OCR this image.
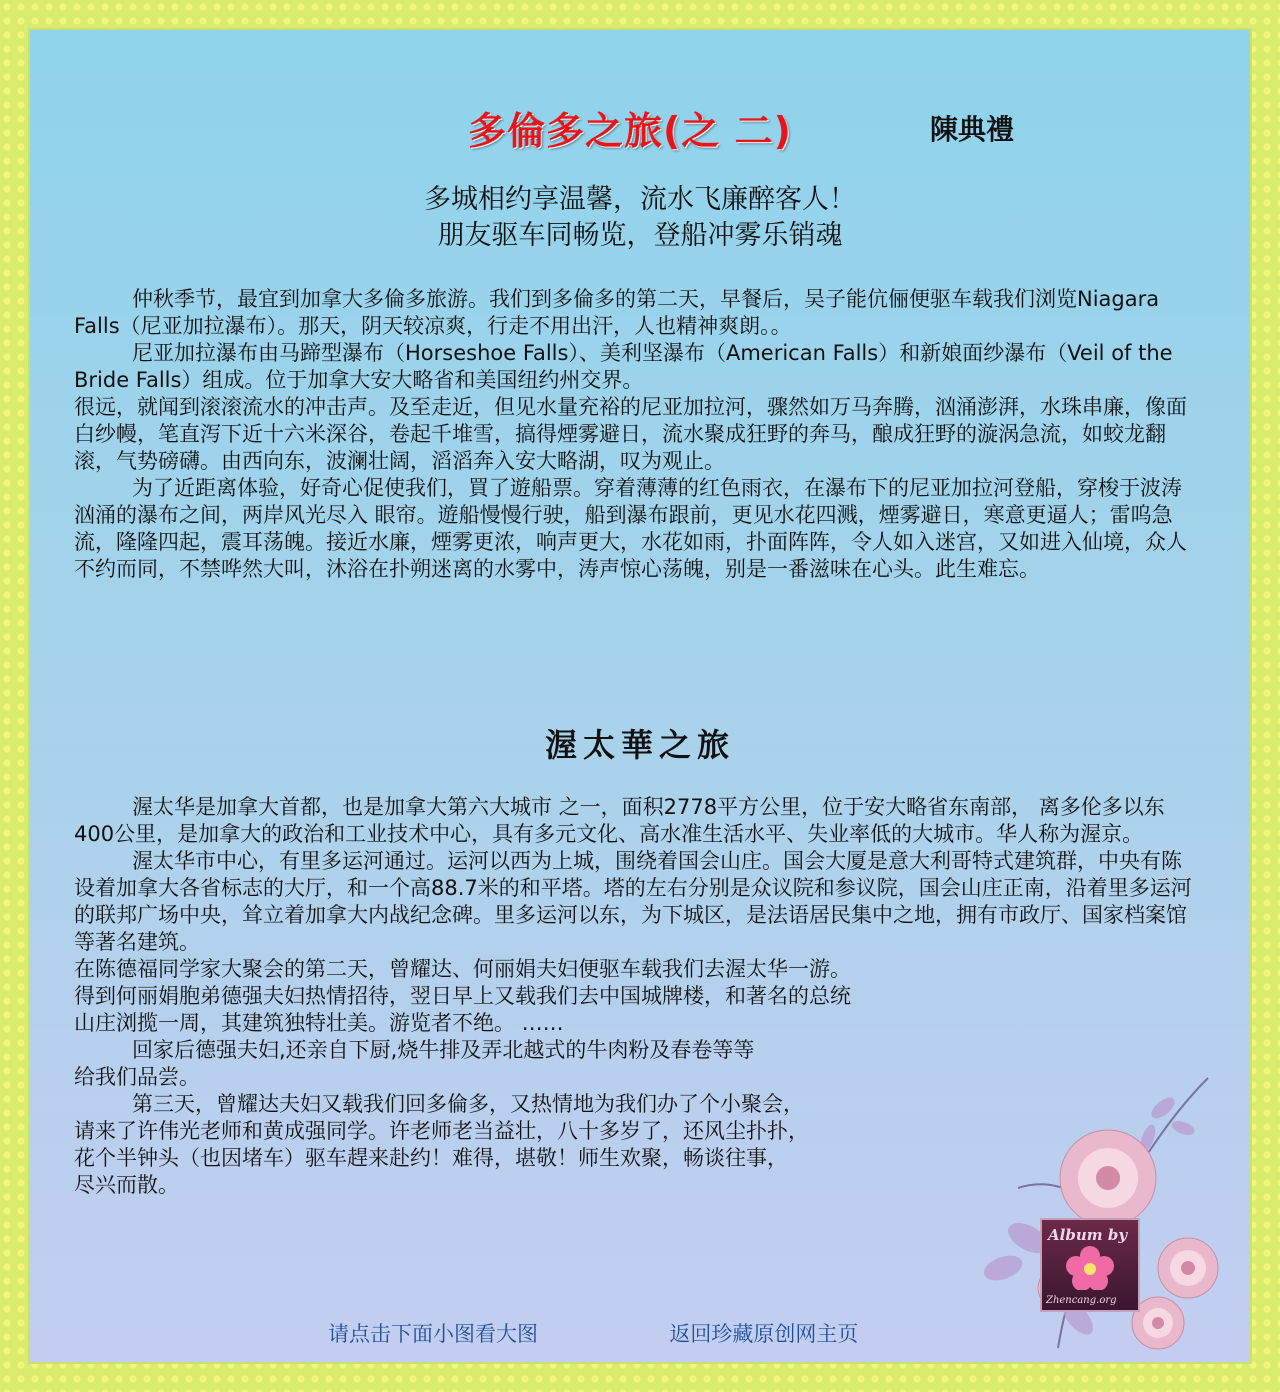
多倫多之旅(之 二)	陳典禮
多城相约享温馨，流水飞廉醉客人！
朋友驱车同畅览，登船冲雾乐销魂

仲秋季节，最宜到加拿大多倫多旅游。我们到多倫多的第二天，早餐后，吴子能伉俪便驱车载我们浏览Niagara Falls（尼亚加拉瀑布）。那天，阴天较凉爽，行走不用出汗，人也精神爽朗。。

尼亚加拉瀑布由马蹄型瀑布（Horseshoe Falls）、美利坚瀑布（American Falls）和新娘面纱瀑布（Veil of the Bride Falls）组成。位于加拿大安大略省和美国纽约州交界。

很远，就闻到滚滚流水的冲击声。及至走近，但见水量充裕的尼亚加拉河，骤然如万马奔腾，汹涌澎湃，水珠串廉，像面白纱幔，笔直泻下近十六米深谷，卷起千堆雪，搞得煙雾避日，流水聚成狂野的奔马，酿成狂野的漩涡急流，如蛟龙翻滚，气势磅礴。由西向东，波澜壮阔，滔滔奔入安大略湖，叹为观止。

为了近距离体验，好奇心促使我们，買了遊船票。穿着薄薄的红色雨衣，在瀑布下的尼亚加拉河登船，穿梭于波涛汹涌的瀑布之间，两岸风光尽入 眼帘。遊船慢慢行驶，船到瀑布跟前，更见水花四溅，煙雾避日，寒意更逼人；雷呜急流，隆隆四起，震耳荡魄。接近水廉，煙雾更浓，响声更大，水花如雨，扑面阵阵，令人如入迷宫，又如进入仙境，众人不约而同，不禁哗然大叫，沐浴在扑朔迷离的水雾中，涛声惊心荡魄，别是一番滋味在心头。此生难忘。

渥太華之旅

渥太华是加拿大首都，也是加拿大第六大城市 之一，面积2778平方公里，位于安大略省东南部， 离多伦多以东400公里，是加拿大的政治和工业技术中心，具有多元文化、高水准生活水平、失业率低的大城市。华人称为渥京。

渥太华市中心，有里多运河通过。运河以西为上城，围绕着国会山庄。国会大厦是意大利哥特式建筑群，中央有陈设着加拿大各省标志的大厅，和一个高88.7米的和平塔。塔的左右分别是众议院和参议院，国会山庄正南，沿着里多运河的联邦广场中央，耸立着加拿大内战纪念碑。里多运河以东，为下城区，是法语居民集中之地，拥有市政厅、国家档案馆等著名建筑。

在陈德福同学家大聚会的第二天，曾耀达、何丽娟夫妇便驱车载我们去渥太华一游。

得到何丽娟胞弟德强夫妇热情招待，翌日早上又载我们去中国城牌楼，和著名的总统

山庄浏揽一周，其建筑独特壮美。游览者不绝。 ……

回家后德强夫妇,还亲自下厨,烧牛排及弄北越式的牛肉粉及春卷等等

给我们品尝。

第三天，曾耀达夫妇又载我们回多倫多，又热情地为我们办了个小聚会，

请来了许伟光老师和黄成强同学。许老师老当益壮，八十多岁了，还风尘扑扑，

花个半钟头（也因堵车）驱车趕来赴约！难得，堪敬！师生欢聚，畅谈往事，

尽兴而散。

Album by
Zhencang.org
请点击下面小图看大图	返回珍藏原创网主页
